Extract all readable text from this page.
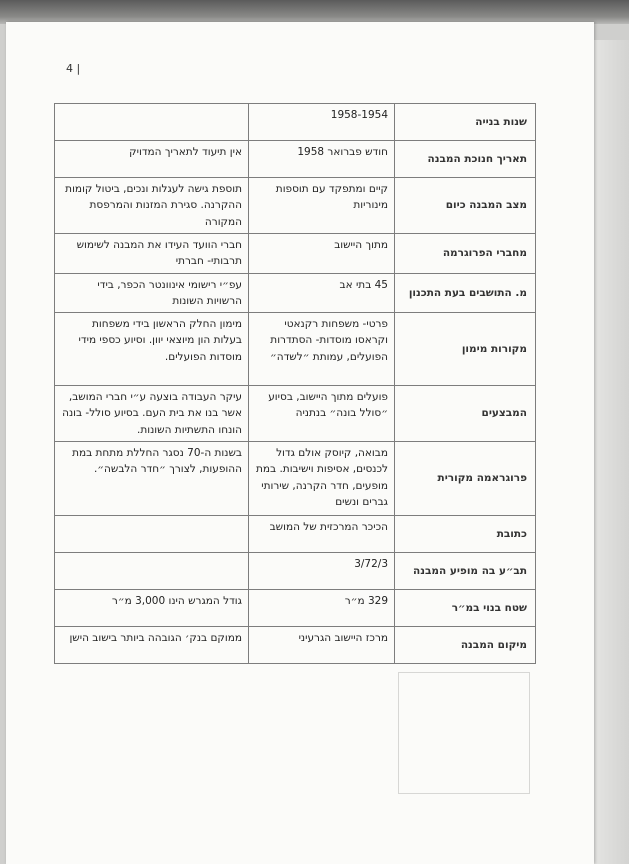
4 |
שנות בנייה	1958-1954	
תאריך חנוכת המבנה	חודש פברואר 1958	אין תיעוד לתאריך המדויק
מצב המבנה כיום	קיים ומתפקד עם תוספות מינוריות	תוספת גישה לעגלות ונכים, ביטול קומות ההקרנה. סגירת המזנות והמרפסת המקורה
מחברי הפרוגרמה	מתוך היישוב	חברי הוועד העידו את המבנה לשימוש תרבותי- חברתי
מ. התושבים בעת התכנון	45 בתי אב	עפ״י רישומי אינוונטר הכפר, בידי הרשויות השונות
מקורות מימון	פרטי- משפחות רקנאטי וקראסו מוסדות- הסתדרות הפועלים, עמותת ״לשדה״	מימון החלק הראשון בידי משפחות בעלות הון מיוצאי יוון. וסיוע כספי מידי מוסדות הפועלים.
המבצעים	פועלים מתוך היישוב, בסיוע ״סולל בונה״ בנתניה	עיקר העבודה בוצעה ע״י חברי המושב, אשר בנו את בית העם. בסיוע סולל- בונה הונחו התשתיות השונות.
פרוגראמה מקורית	מבואה, קיוסק אולם גדול לכנסים, אסיפות וישיבות. במת מופעים, חדר הקרנה, שירותי גברים ונשים	בשנות ה-70 נסגר החללת מתחת במת ההופעות, לצורך ״חדר הלבשה״.
כתובת	הכיכר המרכזית של המושב	
תב״ע בה מופיע המבנה	3/72/3	
שטח בנוי במ״ר	329 מ״ר	גודל המגרש הינו 3,000 מ״ר
מיקום המבנה	מרכז היישוב הגרעיני	ממוקם בנק׳ הגובהה ביותר בישוב הישן
